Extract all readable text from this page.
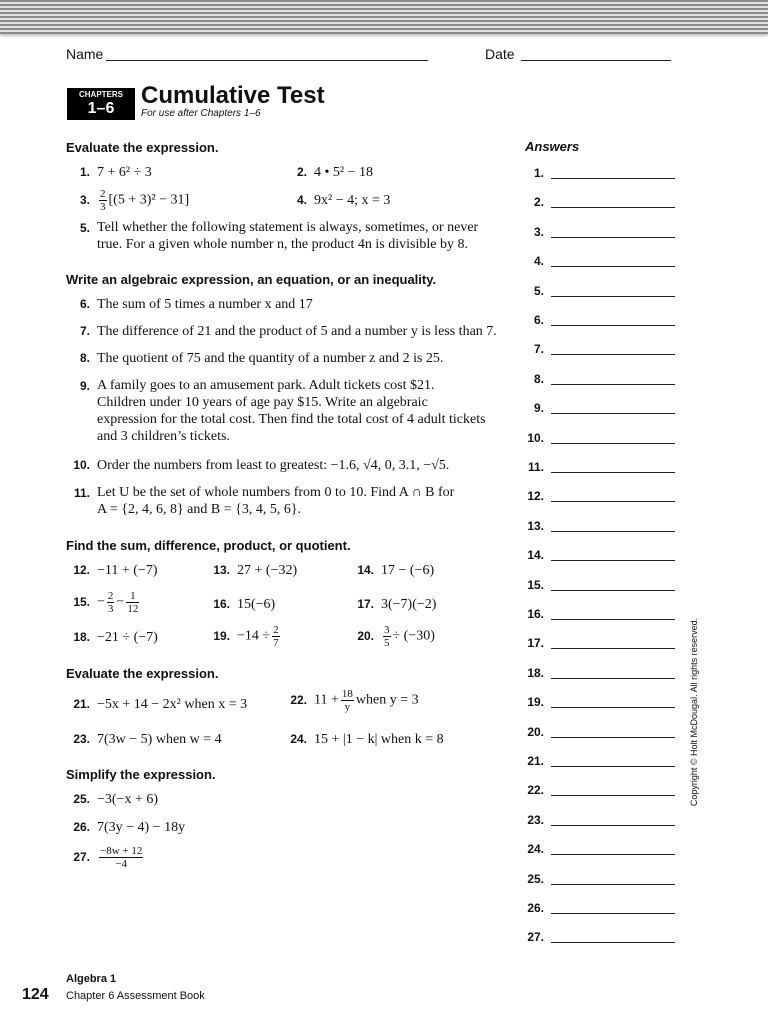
Name	Date
CHAPTERS
1–6	Cumulative Test
For use after Chapters 1–6
Evaluate the expression.
1. 7 + 6² ÷ 3	2. 4 • 5² − 18
3. $\frac{2}{3} [(5 + 3)^2 - 31]$	4. 9x² − 4; x = 3
5. Tell whether the following statement is always, sometimes, or never
true. For a given whole number n, the product 4n is divisible by 8.
Write an algebraic expression, an equation, or an inequality.
6. The sum of 5 times a number x and 17
7. The difference of 21 and the product of 5 and a number y is less than 7.
8. The quotient of 75 and the quantity of a number z and 2 is 25.
9. A family goes to an amusement park. Adult tickets cost $21.
Children under 10 years of age pay $15. Write an algebraic
expression for the total cost. Then find the total cost of 4 adult tickets
and 3 children’s tickets.
10. Order the numbers from least to greatest: −1.6, √4, 0, 3.1, −√5.
11. Let U be the set of whole numbers from 0 to 10. Find A ∩ B for
A = {2, 4, 6, 8} and B = {3, 4, 5, 6}.
Find the sum, difference, product, or quotient.
12. −11 + (−7)	13. 27 + (−32)	14. 17 − (−6)
15. − $\frac{2}{3} - \frac{1}{12}$	16. 15(−6)	17. 3(−7)(−2)
18. −21 ÷ (−7)	19. $-14 \div \frac{2}{7}$	20. $\frac{3}{5} \div (-30)$
Evaluate the expression.
21. −5x + 14 − 2x² when x = 3	22. $11 + \frac{18}{y}$ when y = 3
23. 7(3w − 5) when w = 4	24. 15 + |1 − k| when k = 8
Simplify the expression.
25. −3(−x + 6)
26. 7(3y − 4) − 18y
27. $\frac{-8w + 12}{-4}$
Answers
1.
2.
3.
4.
5.
6.
7.
8.
9.
10.
11.
12.
13.
14.
15.
16.
17.
18.
19.
20.
21.
22.
23.
24.
25.
26.
27.
Copyright © Holt McDougal. All rights reserved.
124
Algebra 1
Chapter 6 Assessment Book
